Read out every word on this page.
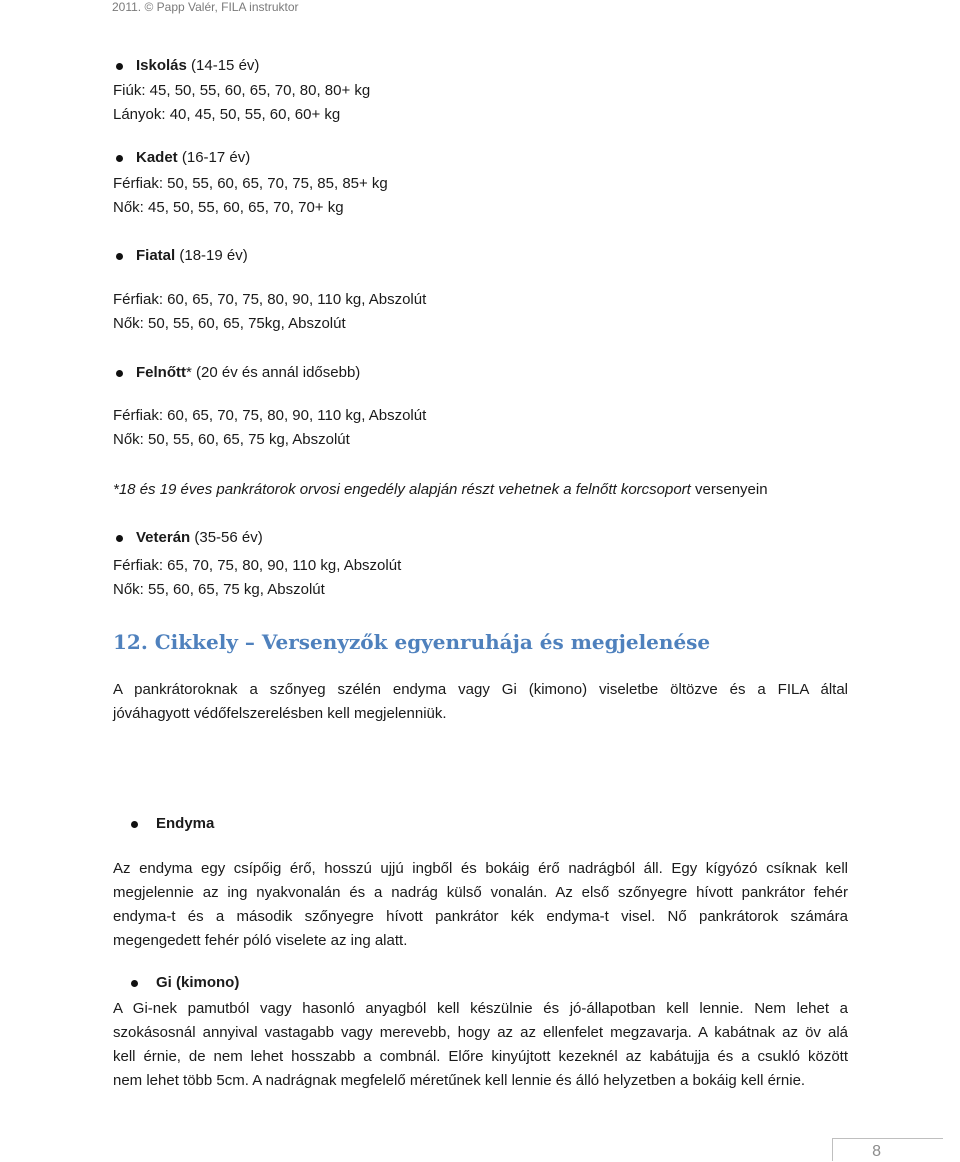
2011. © Papp Valér, FILA instruktor
Iskolás (14-15 év)
Fiúk: 45, 50, 55, 60, 65, 70, 80, 80+ kg
Lányok: 40, 45, 50, 55, 60, 60+ kg
Kadet (16-17 év)
Férfiak: 50, 55, 60, 65, 70, 75, 85, 85+ kg
Nők: 45, 50, 55, 60, 65, 70, 70+ kg
Fiatal (18-19 év)
Férfiak: 60, 65, 70, 75, 80, 90, 110 kg, Abszolút
Nők: 50, 55, 60, 65, 75kg, Abszolút
Felnőtt* (20 év és annál idősebb)
Férfiak: 60, 65, 70, 75, 80, 90, 110 kg, Abszolút
Nők: 50, 55, 60, 65, 75 kg, Abszolút
*18 és 19 éves pankrátorok orvosi engedély alapján részt vehetnek a felnőtt korcsoport versenyein
Veterán (35-56 év)
Férfiak: 65, 70, 75, 80, 90, 110 kg, Abszolút
Nők: 55, 60, 65, 75 kg, Abszolút
12. Cikkely – Versenyzők egyenruhája és megjelenése
A pankrátoroknak a szőnyeg szélén endyma vagy Gi (kimono) viseletbe öltözve és a FILA által
jóváhagyott védőfelszerelésben kell megjelenniük.
Endyma
Az endyma egy csípőig érő, hosszú ujjú ingből és bokáig érő nadrágból áll. Egy kígyózó csíknak kell
megjelennie az ing nyakvonalán és a nadrág külső vonalán. Az első szőnyegre hívott pankrátor fehér
endyma-t és a második szőnyegre hívott pankrátor kék endyma-t visel. Nő pankrátorok számára
megengedett fehér póló viselete az ing alatt.
Gi (kimono)
A Gi-nek pamutból vagy hasonló anyagból kell készülnie és jó-állapotban kell lennie. Nem lehet a
szokásosnál annyival vastagabb vagy merevebb, hogy az az ellenfelet megzavarja. A kabátnak az öv alá
kell érnie, de nem lehet hosszabb a combnál. Előre kinyújtott kezeknél az kabátujja és a csukló között
nem lehet több 5cm. A nadrágnak megfelelő méretűnek kell lennie és álló helyzetben a bokáig kell érnie.
8
